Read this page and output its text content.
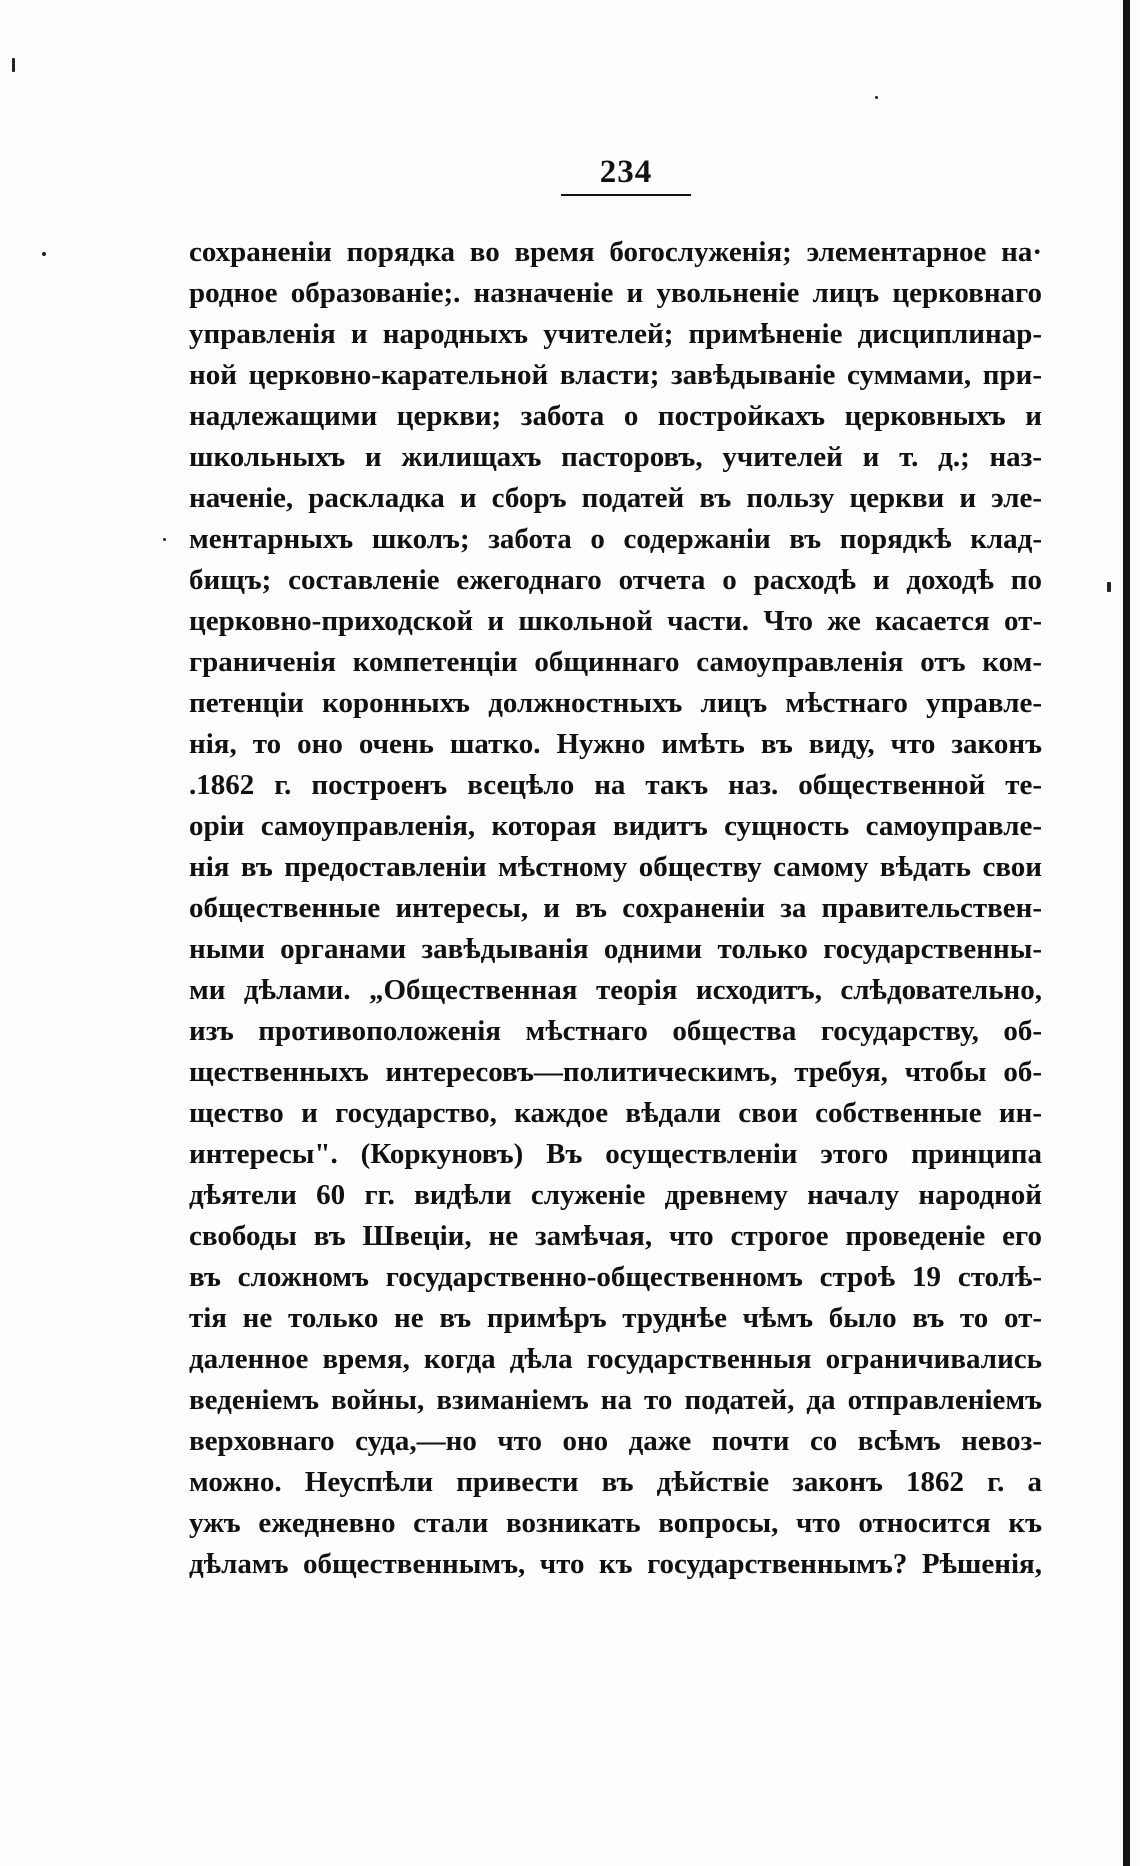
234
сохраненіи порядка во время богослуженія; элементарное на·
родное образованіе;. назначеніе и увольненіе лицъ церковнаго
управленія и народныхъ учителей; примѣненіе дисциплинар-
ной церковно-карательной власти; завѣдываніе суммами, при-
надлежащими церкви; забота о постройкахъ церковныхъ и
школьныхъ и жилищахъ пасторовъ, учителей и т. д.; наз-
наченіе, раскладка и сборъ податей въ пользу церкви и эле-
ментарныхъ школъ; забота о содержаніи въ порядкѣ клад-
бищъ; составленіе ежегоднаго отчета о расходѣ и доходѣ по
церковно-приходской и школьной части. Что же касается от-
граниченія компетенціи общиннаго самоуправленія отъ ком-
петенціи коронныхъ должностныхъ лицъ мѣстнаго управле-
нія, то оно очень шатко. Нужно имѣть въ виду, что законъ
.1862 г. построенъ всецѣло на такъ наз. общественной те-
оріи самоуправленія, которая видитъ сущность самоуправле-
нія въ предоставленіи мѣстному обществу самому вѣдать свои
общественные интересы, и въ сохраненіи за правительствен-
ными органами завѣдыванія одними только государственны-
ми дѣлами. „Общественная теорія исходитъ, слѣдовательно,
изъ противоположенія мѣстнаго общества государству, об-
щественныхъ интересовъ—политическимъ, требуя, чтобы об-
щество и государство, каждое вѣдали свои собственные ин-
интересы". (Коркуновъ) Въ осуществленіи этого принципа
дѣятели 60 гг. видѣли служеніе древнему началу народной
свободы въ Швеціи, не замѣчая, что строгое проведеніе его
въ сложномъ государственно-общественномъ строѣ 19 столѣ-
тія не только не въ примѣръ труднѣе чѣмъ было въ то от-
даленное время, когда дѣла государственныя ограничивались
веденіемъ войны, взиманіемъ на то податей, да отправленіемъ
верховнаго суда,—но что оно даже почти со всѣмъ невоз-
можно. Неуспѣли привести въ дѣйствіе законъ 1862 г. а
ужъ ежедневно стали возникать вопросы, что относится къ
дѣламъ общественнымъ, что къ государственнымъ? Рѣшенія,
